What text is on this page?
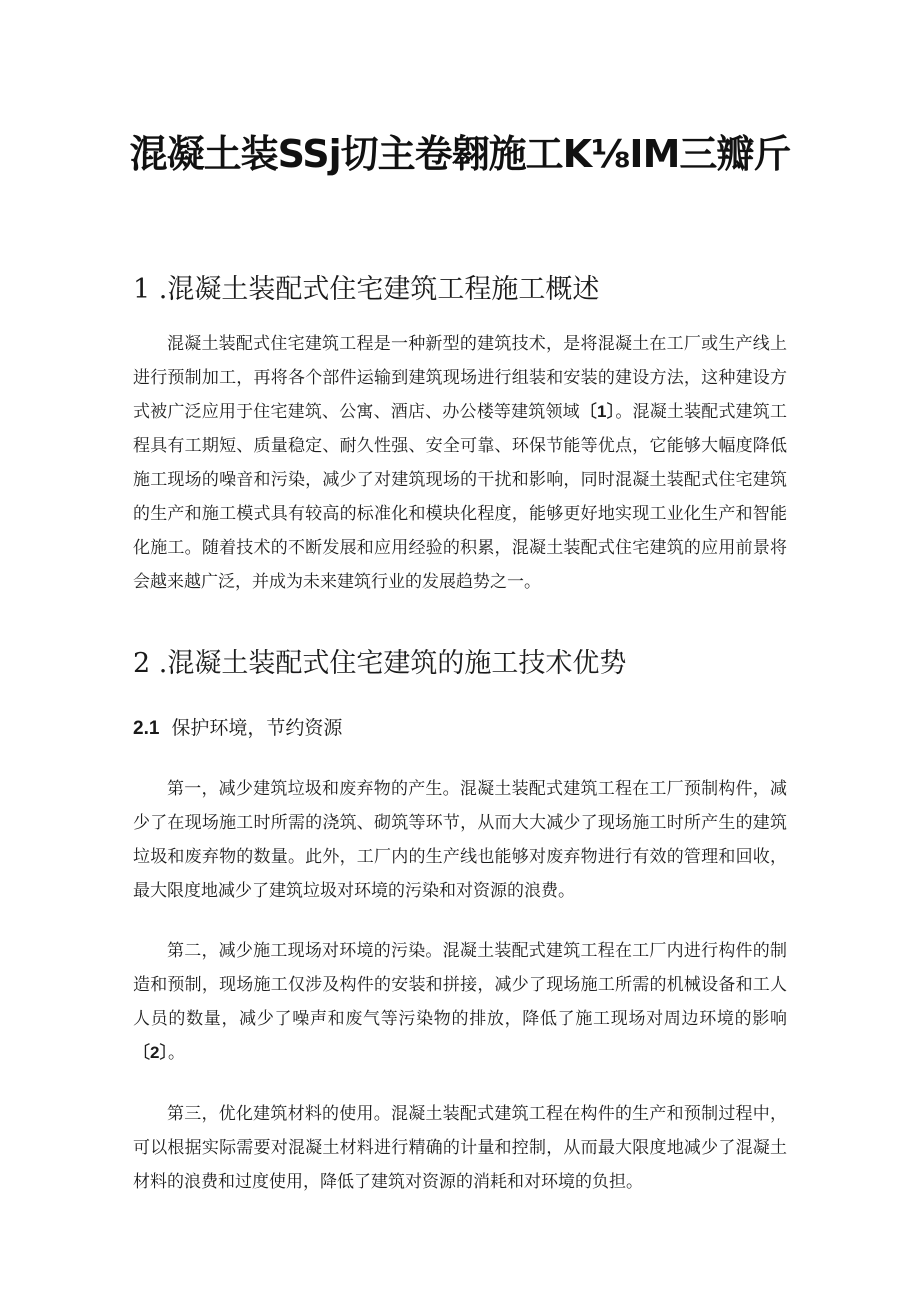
混凝土装SSj切主卷翱施工K⅛IM三瓣斤
1 .混凝土装配式住宅建筑工程施工概述

混凝土装配式住宅建筑工程是一种新型的建筑技术，是将混凝土在工厂或生产线上进行预制加工，再将各个部件运输到建筑现场进行组装和安装的建设方法，这种建设方式被广泛应用于住宅建筑、公寓、酒店、办公楼等建筑领域〔1〕。混凝土装配式建筑工程具有工期短、质量稳定、耐久性强、安全可靠、环保节能等优点，它能够大幅度降低施工现场的噪音和污染，减少了对建筑现场的干扰和影响，同时混凝土装配式住宅建筑的生产和施工模式具有较高的标准化和模块化程度，能够更好地实现工业化生产和智能化施工。随着技术的不断发展和应用经验的积累，混凝土装配式住宅建筑的应用前景将会越来越广泛，并成为未来建筑行业的发展趋势之一。

2 .混凝土装配式住宅建筑的施工技术优势
2.1 保护环境，节约资源

第一，减少建筑垃圾和废弃物的产生。混凝土装配式建筑工程在工厂预制构件，减少了在现场施工时所需的浇筑、砌筑等环节，从而大大减少了现场施工时所产生的建筑垃圾和废弃物的数量。此外，工厂内的生产线也能够对废弃物进行有效的管理和回收，最大限度地减少了建筑垃圾对环境的污染和对资源的浪费。

第二，减少施工现场对环境的污染。混凝土装配式建筑工程在工厂内进行构件的制造和预制，现场施工仅涉及构件的安装和拼接，减少了现场施工所需的机械设备和工人人员的数量，减少了噪声和废气等污染物的排放，降低了施工现场对周边环境的影响〔2〕。

第三，优化建筑材料的使用。混凝土装配式建筑工程在构件的生产和预制过程中，可以根据实际需要对混凝土材料进行精确的计量和控制，从而最大限度地减少了混凝土材料的浪费和过度使用，降低了建筑对资源的消耗和对环境的负担。
